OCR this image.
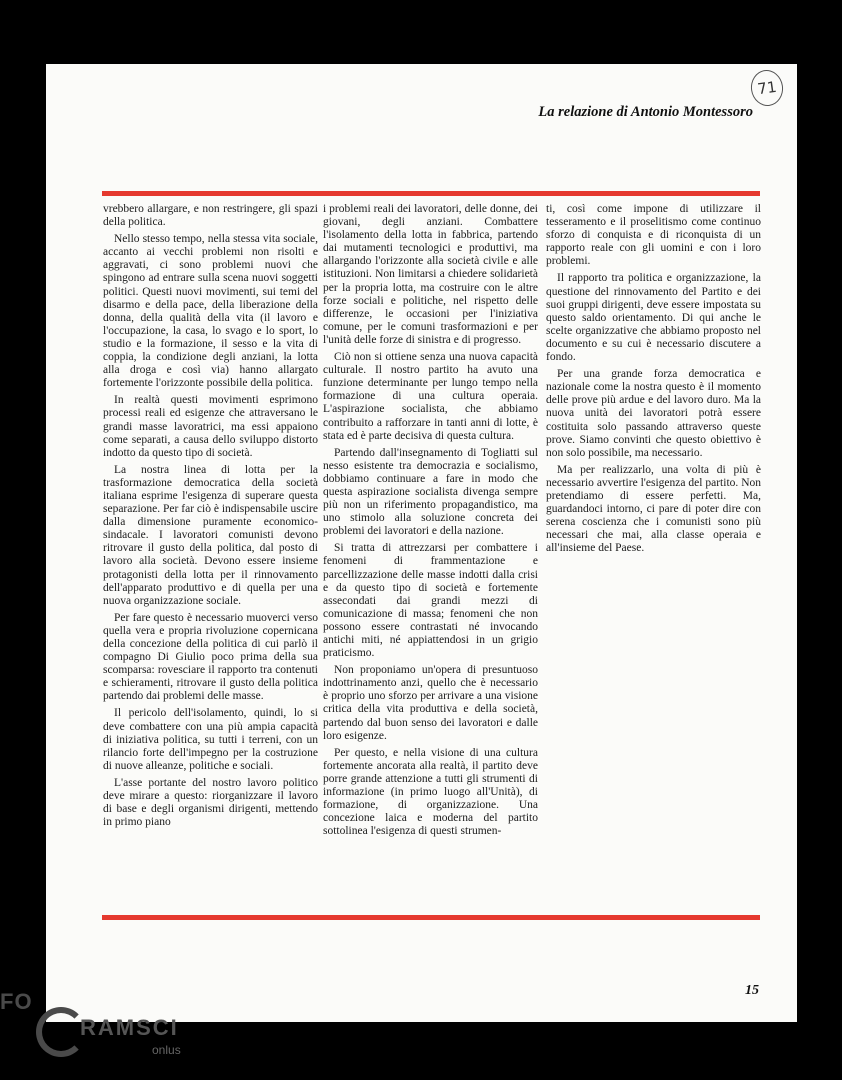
71
La relazione di Antonio Montessoro

vrebbero allargare, e non restringere, gli spazi della politica.

Nello stesso tempo, nella stessa vita sociale, accanto ai vecchi problemi non risolti e aggravati, ci sono problemi nuovi che spingono ad entrare sulla scena nuovi soggetti politici. Questi nuovi movimenti, sui temi del disarmo e della pace, della liberazione della donna, della qualità della vita (il lavoro e l'occupazione, la casa, lo svago e lo sport, lo studio e la formazione, il sesso e la vita di coppia, la condizione degli anziani, la lotta alla droga e così via) hanno allargato fortemente l'orizzonte possibile della politica.

In realtà questi movimenti esprimono processi reali ed esigenze che attraversano le grandi masse lavoratrici, ma essi appaiono come separati, a causa dello sviluppo distorto indotto da questo tipo di società.

La nostra linea di lotta per la trasformazione democratica della società italiana esprime l'esigenza di superare questa separazione. Per far ciò è indispensabile uscire dalla dimensione puramente economico-sindacale. I lavoratori comunisti devono ritrovare il gusto della politica, dal posto di lavoro alla società. Devono essere insieme protagonisti della lotta per il rinnovamento dell'apparato produttivo e di quella per una nuova organizzazione sociale.

Per fare questo è necessario muoverci verso quella vera e propria rivoluzione copernicana della concezione della politica di cui parlò il compagno Di Giulio poco prima della sua scomparsa: rovesciare il rapporto tra contenuti e schieramenti, ritrovare il gusto della politica partendo dai problemi delle masse.

Il pericolo dell'isolamento, quindi, lo si deve combattere con una più ampia capacità di iniziativa politica, su tutti i terreni, con un rilancio forte dell'impegno per la costruzione di nuove alleanze, politiche e sociali.

L'asse portante del nostro lavoro politico deve mirare a questo: riorganizzare il lavoro di base e degli organismi dirigenti, mettendo in primo piano

i problemi reali dei lavoratori, delle donne, dei giovani, degli anziani. Combattere l'isolamento della lotta in fabbrica, partendo dai mutamenti tecnologici e produttivi, ma allargando l'orizzonte alla società civile e alle istituzioni. Non limitarsi a chiedere solidarietà per la propria lotta, ma costruire con le altre forze sociali e politiche, nel rispetto delle differenze, le occasioni per l'iniziativa comune, per le comuni trasformazioni e per l'unità delle forze di sinistra e di progresso.

Ciò non si ottiene senza una nuova capacità culturale. Il nostro partito ha avuto una funzione determinante per lungo tempo nella formazione di una cultura operaia. L'aspirazione socialista, che abbiamo contribuito a rafforzare in tanti anni di lotte, è stata ed è parte decisiva di questa cultura.

Partendo dall'insegnamento di Togliatti sul nesso esistente tra democrazia e socialismo, dobbiamo continuare a fare in modo che questa aspirazione socialista divenga sempre più non un riferimento propagandistico, ma uno stimolo alla soluzione concreta dei problemi dei lavoratori e della nazione.

Si tratta di attrezzarsi per combattere i fenomeni di frammentazione e parcellizzazione delle masse indotti dalla crisi e da questo tipo di società e fortemente assecondati dai grandi mezzi di comunicazione di massa; fenomeni che non possono essere contrastati né invocando antichi miti, né appiattendosi in un grigio praticismo.

Non proponiamo un'opera di presuntuoso indottrinamento anzi, quello che è necessario è proprio uno sforzo per arrivare a una visione critica della vita produttiva e della società, partendo dal buon senso dei lavoratori e dalle loro esigenze.

Per questo, e nella visione di una cultura fortemente ancorata alla realtà, il partito deve porre grande attenzione a tutti gli strumenti di informazione (in primo luogo all'Unità), di formazione, di organizzazione. Una concezione laica e moderna del partito sottolinea l'esigenza di questi strumen-

ti, così come impone di utilizzare il tesseramento e il proselitismo come continuo sforzo di conquista e di riconquista di un rapporto reale con gli uomini e con i loro problemi.

Il rapporto tra politica e organizzazione, la questione del rinnovamento del Partito e dei suoi gruppi dirigenti, deve essere impostata su questo saldo orientamento. Di qui anche le scelte organizzative che abbiamo proposto nel documento e su cui è necessario discutere a fondo.

Per una grande forza democratica e nazionale come la nostra questo è il momento delle prove più ardue e del lavoro duro. Ma la nuova unità dei lavoratori potrà essere costituita solo passando attraverso queste prove. Siamo convinti che questo obiettivo è non solo possibile, ma necessario.

Ma per realizzarlo, una volta di più è necessario avvertire l'esigenza del partito. Non pretendiamo di essere perfetti. Ma, guardandoci intorno, ci pare di poter dire con serena coscienza che i comunisti sono più necessari che mai, alla classe operaia e all'insieme del Paese.

15
FO
RAMSCI
onlus
